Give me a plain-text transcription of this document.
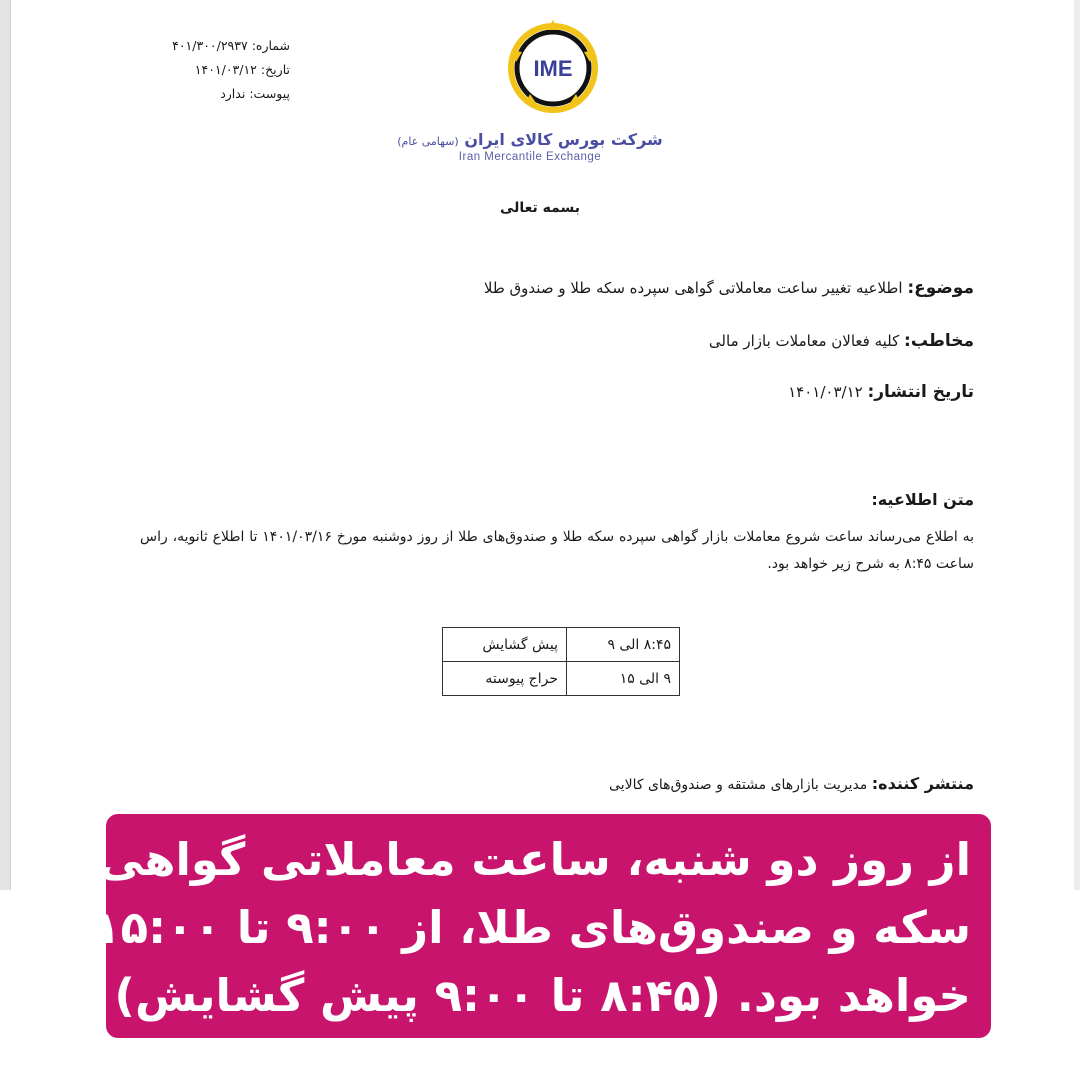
شماره:۴۰۱/۳۰۰/۲۹۳۷
تاریخ:۱۴۰۱/۰۳/۱۲
پیوست:ندارد
IME
شرکت بورس کالای ایران (سهامی عام)
Iran Mercantile Exchange
بسمه تعالی
موضوع: اطلاعیه تغییر ساعت معاملاتی گواهی سپرده سکه طلا و صندوق طلا
مخاطب: کلیه فعالان معاملات بازار مالی
تاریخ انتشار: ۱۴۰۱/۰۳/۱۲
متن اطلاعیه:
به اطلاع می‌رساند ساعت شروع معاملات بازار گواهی سپرده سکه طلا و صندوق‌های طلا از روز دوشنبه مورخ ۱۴۰۱/۰۳/۱۶ تا اطلاع ثانویه، راس ساعت ۸:۴۵ به شرح زیر خواهد بود.
۸:۴۵ الی ۹	پیش گشایش
۹ الی ۱۵	حراج پیوسته
منتشر کننده: مدیریت بازارهای مشتقه و صندوق‌های کالایی

از روز دو شنبه، ساعت معاملاتی گواهی

سکه و صندوق‌های طلا، از ۹:۰۰ تا ۱۵:۰۰

خواهد بود. (۸:۴۵ تا ۹:۰۰ پیش گشایش)
